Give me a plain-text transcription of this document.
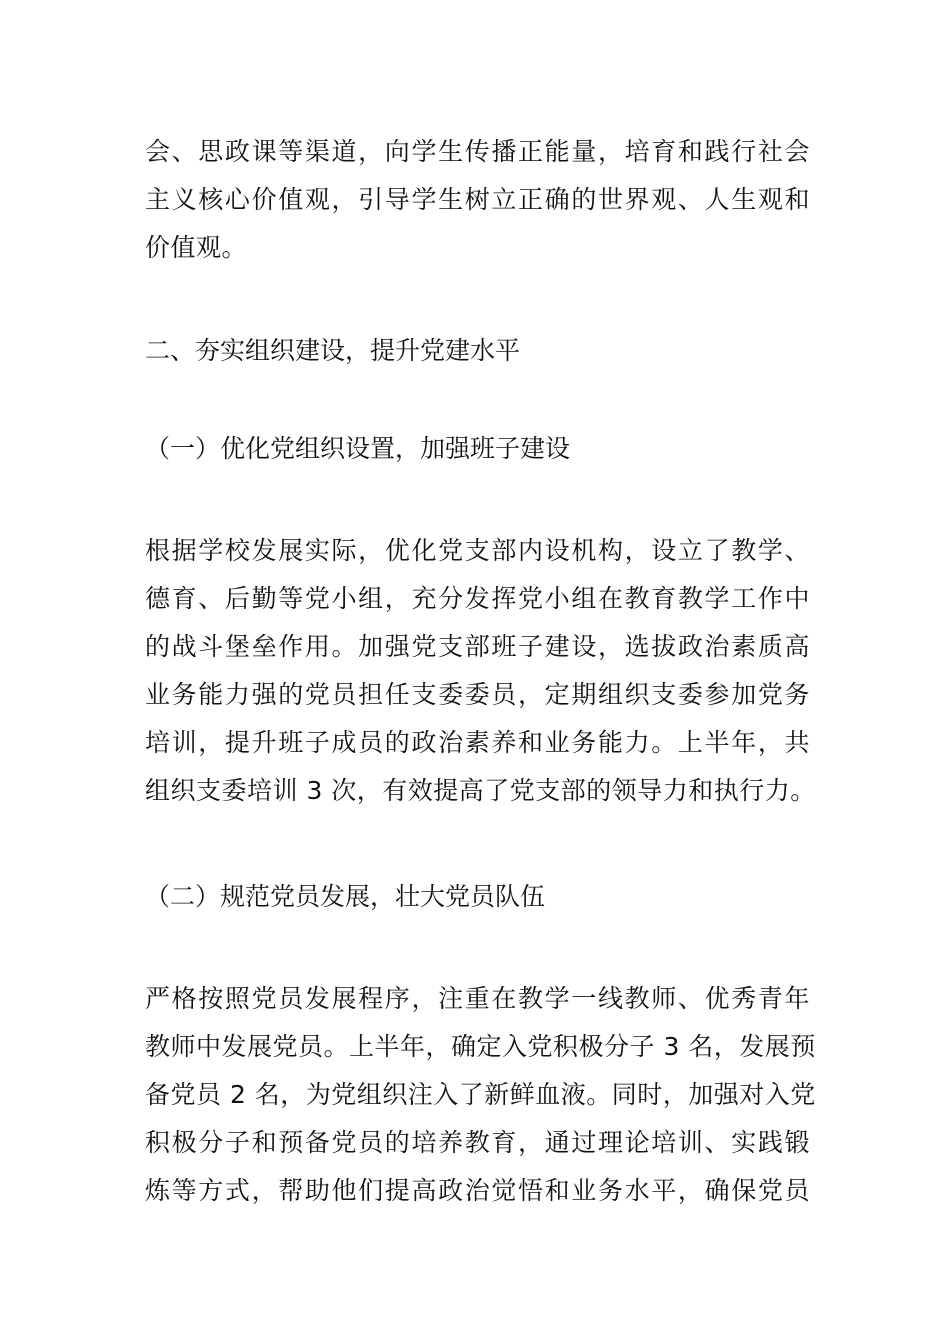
会、思政课等渠道，向学生传播正能量，培育和践行社会
主义核心价值观，引导学生树立正确的世界观、人生观和
价值观。
二、夯实组织建设，提升党建水平
（一）优化党组织设置，加强班子建设
根据学校发展实际，优化党支部内设机构，设立了教学、
德育、后勤等党小组，充分发挥党小组在教育教学工作中
的战斗堡垒作用。加强党支部班子建设，选拔政治素质高
业务能力强的党员担任支委委员，定期组织支委参加党务
培训，提升班子成员的政治素养和业务能力。上半年，共
组织支委培训 3 次，有效提高了党支部的领导力和执行力。
（二）规范党员发展，壮大党员队伍
严格按照党员发展程序，注重在教学一线教师、优秀青年
教师中发展党员。上半年，确定入党积极分子 3 名，发展预
备党员 2 名，为党组织注入了新鲜血液。同时，加强对入党
积极分子和预备党员的培养教育，通过理论培训、实践锻
炼等方式，帮助他们提高政治觉悟和业务水平，确保党员
